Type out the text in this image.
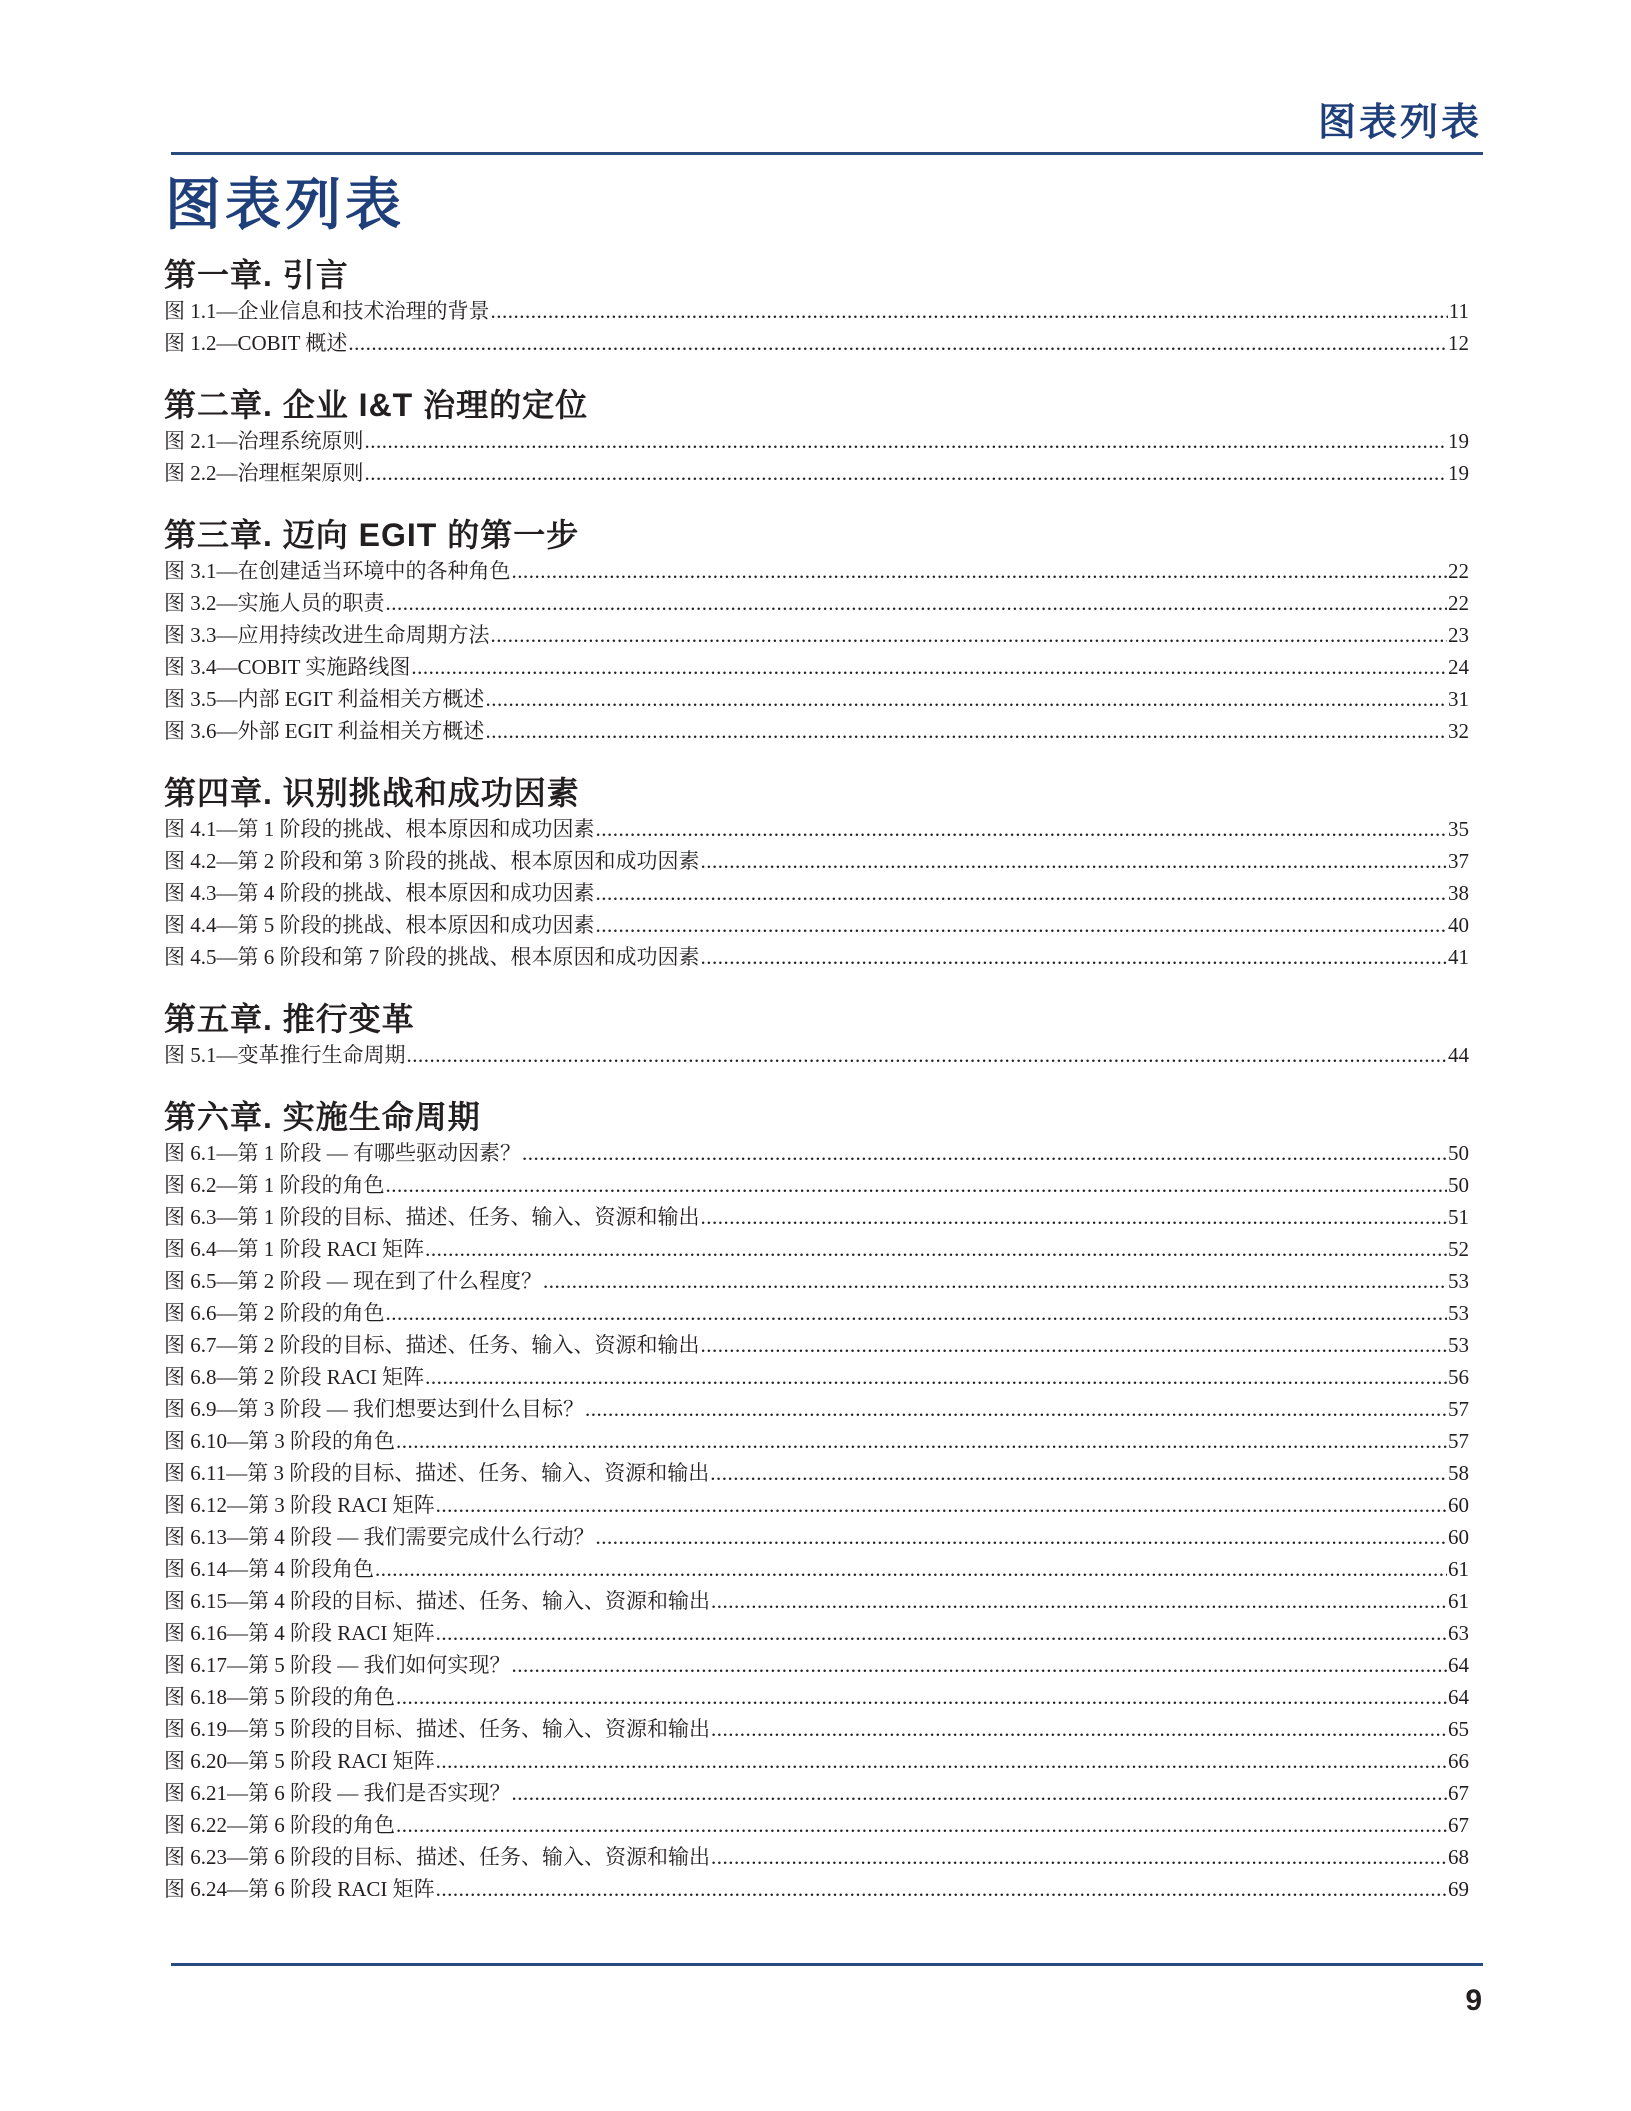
图表列表
图表列表
第一章. 引言
图 1.1—企业信息和技术治理的背景 .....	11
图 1.2—COBIT 概述 .....	12
第二章. 企业 I&T 治理的定位
图 2.1—治理系统原则 .....	19
图 2.2—治理框架原则 .....	19
第三章. 迈向 EGIT 的第一步
图 3.1—在创建适当环境中的各种角色 .....	22
图 3.2—实施人员的职责 .....	22
图 3.3—应用持续改进生命周期方法 .....	23
图 3.4—COBIT 实施路线图 .....	24
图 3.5—内部 EGIT 利益相关方概述 .....	31
图 3.6—外部 EGIT 利益相关方概述 .....	32
第四章. 识别挑战和成功因素
图 4.1—第 1 阶段的挑战、根本原因和成功因素 .....	35
图 4.2—第 2 阶段和第 3 阶段的挑战、根本原因和成功因素 .....	37
图 4.3—第 4 阶段的挑战、根本原因和成功因素 .....	38
图 4.4—第 5 阶段的挑战、根本原因和成功因素 .....	40
图 4.5—第 6 阶段和第 7 阶段的挑战、根本原因和成功因素 .....	41
第五章. 推行变革
图 5.1—变革推行生命周期 .....	44
第六章. 实施生命周期
图 6.1—第 1 阶段 — 有哪些驱动因素？ .....	50
图 6.2—第 1 阶段的角色 .....	50
图 6.3—第 1 阶段的目标、描述、任务、输入、资源和输出 .....	51
图 6.4—第 1 阶段 RACI 矩阵 .....	52
图 6.5—第 2 阶段 — 现在到了什么程度？ .....	53
图 6.6—第 2 阶段的角色 .....	53
图 6.7—第 2 阶段的目标、描述、任务、输入、资源和输出 .....	53
图 6.8—第 2 阶段 RACI 矩阵 .....	56
图 6.9—第 3 阶段 — 我们想要达到什么目标？ .....	57
图 6.10—第 3 阶段的角色 .....	57
图 6.11—第 3 阶段的目标、描述、任务、输入、资源和输出 .....	58
图 6.12—第 3 阶段 RACI 矩阵 .....	60
图 6.13—第 4 阶段 — 我们需要完成什么行动？ .....	60
图 6.14—第 4 阶段角色 .....	61
图 6.15—第 4 阶段的目标、描述、任务、输入、资源和输出 .....	61
图 6.16—第 4 阶段 RACI 矩阵 .....	63
图 6.17—第 5 阶段 — 我们如何实现？ .....	64
图 6.18—第 5 阶段的角色 .....	64
图 6.19—第 5 阶段的目标、描述、任务、输入、资源和输出 .....	65
图 6.20—第 5 阶段 RACI 矩阵 .....	66
图 6.21—第 6 阶段 — 我们是否实现？ .....	67
图 6.22—第 6 阶段的角色 .....	67
图 6.23—第 6 阶段的目标、描述、任务、输入、资源和输出 .....	68
图 6.24—第 6 阶段 RACI 矩阵 .....	69
9
